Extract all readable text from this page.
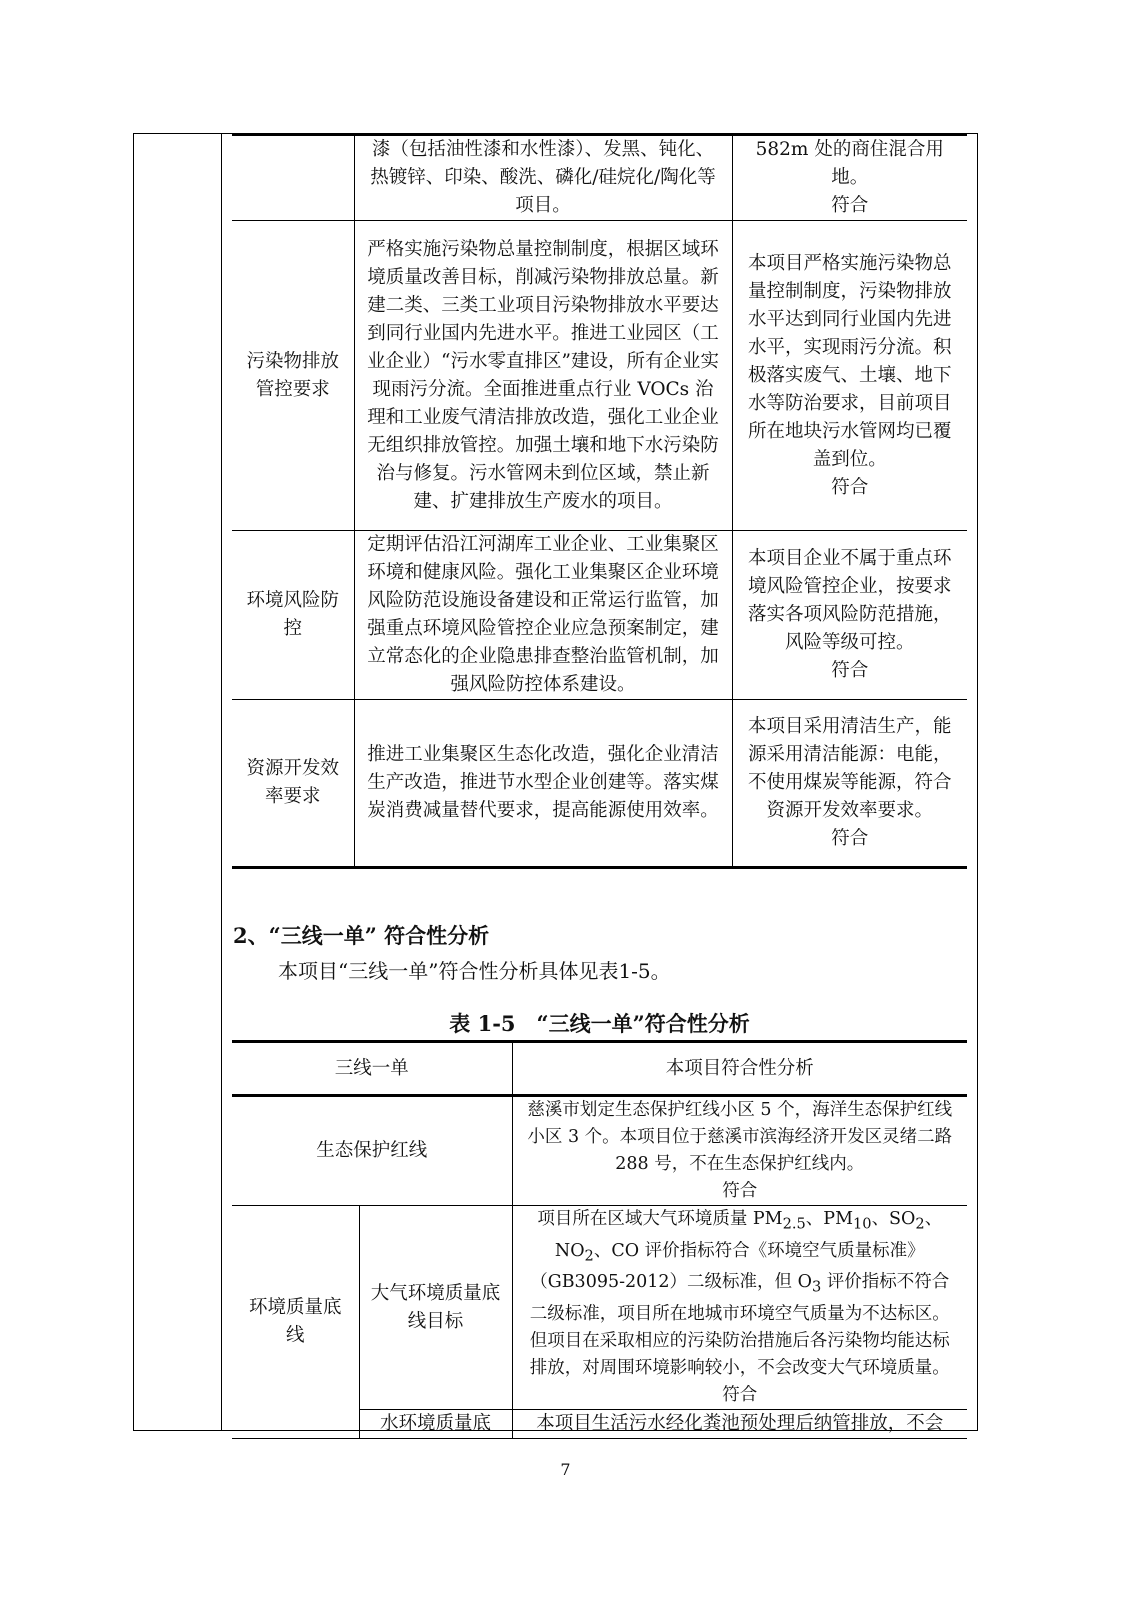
	漆（包括油性漆和水性漆）、发黑、钝化、热镀锌、印染、酸洗、磷化/硅烷化/陶化等项目。	582m 处的商住混合用地。
符合

污染物排放管控要求	严格实施污染物总量控制制度，根据区域环境质量改善目标，削减污染物排放总量。新建二类、三类工业项目污染物排放水平要达到同行业国内先进水平。推进工业园区（工业企业）“污水零直排区”建设，所有企业实现雨污分流。全面推进重点行业 VOCs 治理和工业废气清洁排放改造，强化工业企业无组织排放管控。加强土壤和地下水污染防治与修复。污水管网未到位区域，禁止新建、扩建排放生产废水的项目。	本项目严格实施污染物总量控制制度，污染物排放水平达到同行业国内先进水平，实现雨污分流。积极落实废气、土壤、地下水等防治要求，目前项目所在地块污水管网均已覆盖到位。
符合

环境风险防控	定期评估沿江河湖库工业企业、工业集聚区环境和健康风险。强化工业集聚区企业环境风险防范设施设备建设和正常运行监管，加强重点环境风险管控企业应急预案制定，建立常态化的企业隐患排查整治监管机制，加强风险防控体系建设。	本项目企业不属于重点环境风险管控企业，按要求落实各项风险防范措施，风险等级可控。
符合

资源开发效率要求	推进工业集聚区生态化改造，强化企业清洁生产改造，推进节水型企业创建等。落实煤炭消费减量替代要求，提高能源使用效率。	本项目采用清洁生产，能源采用清洁能源：电能，不使用煤炭等能源，符合资源开发效率要求。
符合
2、“三线一单” 符合性分析
本项目“三线一单”符合性分析具体见表1-5。
表 1-5　“三线一单”符合性分析
三线一单		本项目符合性分析
生态保护红线		慈溪市划定生态保护红线小区 5 个，海洋生态保护红线小区 3 个。本项目位于慈溪市滨海经济开发区灵绪二路 288 号，不在生态保护红线内。
符合

环境质量底线	大气环境质量底线目标	项目所在区域大气环境质量 $PM_{2.5}$、$PM_{10}$、$SO_2$、$NO_2$、CO 评价指标符合《环境空气质量标准》（GB3095-2012）二级标准，但 $O_3$ 评价指标不符合二级标准，项目所在地城市环境空气质量为不达标区。但项目在采取相应的污染防治措施后各污染物均能达标排放，对周围环境影响较小，不会改变大气环境质量。
符合

	水环境质量底	本项目生活污水经化粪池预处理后纳管排放，不会
7
